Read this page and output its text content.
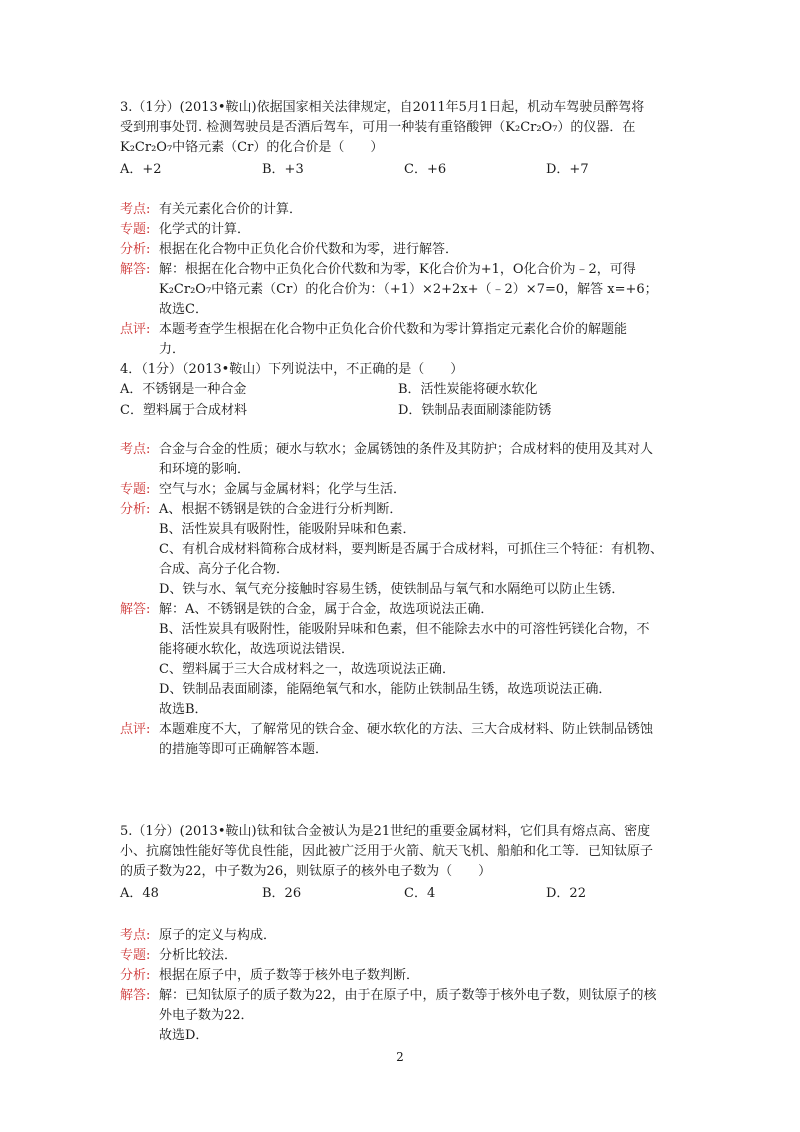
3.（1分）(2013•鞍山)依据国家相关法律规定，自2011年5月1日起，机动车驾驶员醉驾将
受到刑事处罚. 检测驾驶员是否酒后驾车，可用一种装有重铬酸钾（K₂Cr₂O₇）的仪器．在
K₂Cr₂O₇中铬元素（Cr）的化合价是（　　）
A．+2	B．+3	C．+6	D．+7
考点: 有关元素化合价的计算．
专题: 化学式的计算．
分析: 根据在化合物中正负化合价代数和为零，进行解答．
解答: 解：根据在化合物中正负化合价代数和为零，K化合价为+1，O化合价为﹣2，可得
K₂Cr₂O₇中铬元素（Cr）的化合价为：（+1）×2+2x+（﹣2）×7=0，解答 x=+6；
故选C．
点评: 本题考查学生根据在化合物中正负化合价代数和为零计算指定元素化合价的解题能
力．
4．（1分）（2013•鞍山）下列说法中，不正确的是（　　）
A．不锈钢是一种合金	B．活性炭能将硬水软化
C．塑料属于合成材料	D．铁制品表面刷漆能防锈
考点: 合金与合金的性质；硬水与软水；金属锈蚀的条件及其防护；合成材料的使用及其对人
和环境的影响．
专题: 空气与水；金属与金属材料；化学与生活．
分析: A、根据不锈钢是铁的合金进行分析判断．
B、活性炭具有吸附性，能吸附异味和色素．
C、有机合成材料简称合成材料，要判断是否属于合成材料，可抓住三个特征：有机物、
合成、高分子化合物．
D、铁与水、氧气充分接触时容易生锈，使铁制品与氧气和水隔绝可以防止生锈．
解答: 解：A、不锈钢是铁的合金，属于合金，故选项说法正确．
B、活性炭具有吸附性，能吸附异味和色素，但不能除去水中的可溶性钙镁化合物，不
能将硬水软化，故选项说法错误．
C、塑料属于三大合成材料之一，故选项说法正确．
D、铁制品表面刷漆，能隔绝氧气和水，能防止铁制品生锈，故选项说法正确．
故选B．
点评: 本题难度不大，了解常见的铁合金、硬水软化的方法、三大合成材料、防止铁制品锈蚀
的措施等即可正确解答本题．
5.（1分）(2013•鞍山)钛和钛合金被认为是21世纪的重要金属材料，它们具有熔点高、密度
小、抗腐蚀性能好等优良性能，因此被广泛用于火箭、航天飞机、船舶和化工等．已知钛原子
的质子数为22，中子数为26，则钛原子的核外电子数为（　　）
A．48	B．26	C．4	D．22
考点: 原子的定义与构成．
专题: 分析比较法．
分析: 根据在原子中，质子数等于核外电子数判断．
解答: 解：已知钛原子的质子数为22，由于在原子中，质子数等于核外电子数，则钛原子的核
外电子数为22．
故选D．
2
